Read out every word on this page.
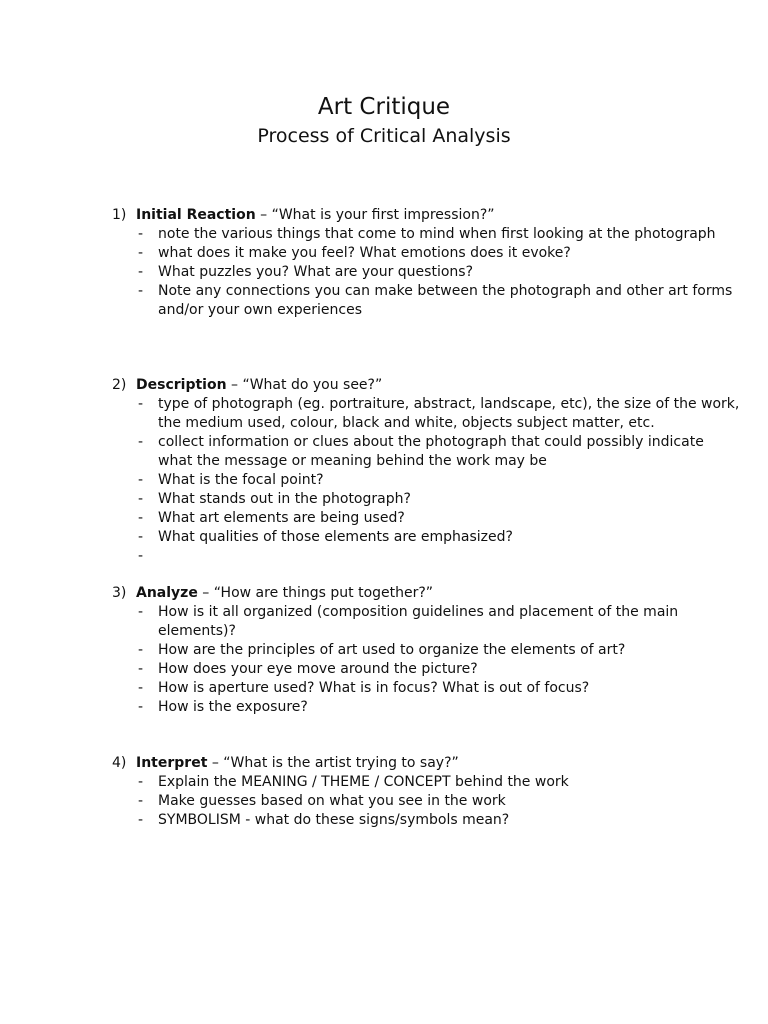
Art Critique
Process of Critical Analysis
1) Initial Reaction – “What is your first impression?”
- note the various things that come to mind when first looking at the photograph
- what does it make you feel? What emotions does it evoke?
- What puzzles you? What are your questions?
- Note any connections you can make between the photograph and other art forms and/or your own experiences
2) Description – “What do you see?”
- type of photograph (eg. portraiture, abstract, landscape, etc), the size of the work, the medium used, colour, black and white, objects subject matter, etc.
- collect information or clues about the photograph that could possibly indicate what the message or meaning behind the work may be
- What is the focal point?
- What stands out in the photograph?
- What art elements are being used?
- What qualities of those elements are emphasized?
-

3) Analyze – “How are things put together?”
- How is it all organized (composition guidelines and placement of the main elements)?
- How are the principles of art used to organize the elements of art?
- How does your eye move around the picture?
- How is aperture used? What is in focus? What is out of focus?
- How is the exposure?
4) Interpret – “What is the artist trying to say?”
- Explain the MEANING / THEME / CONCEPT behind the work
- Make guesses based on what you see in the work
- SYMBOLISM - what do these signs/symbols mean?
